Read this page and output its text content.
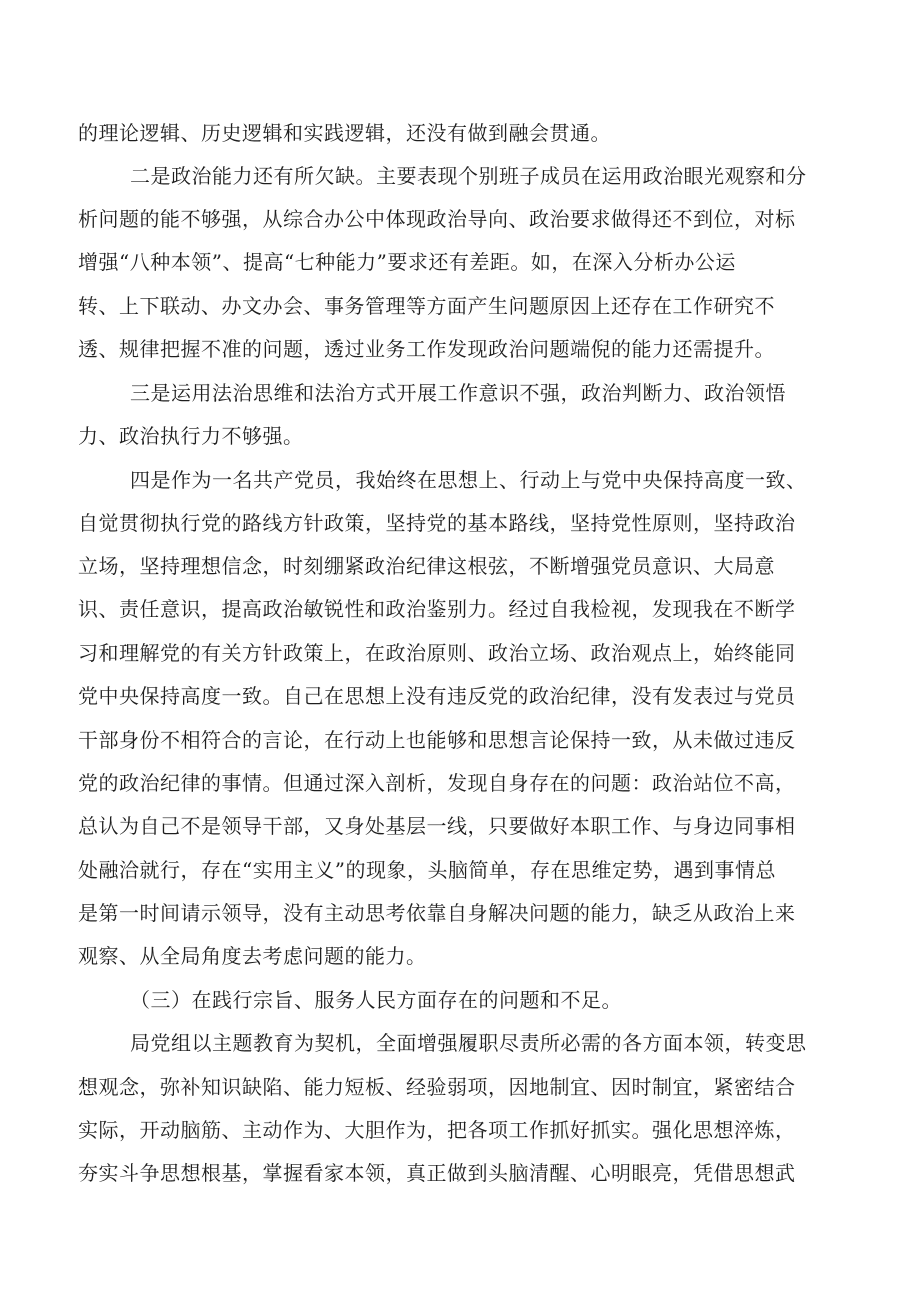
的理论逻辑、历史逻辑和实践逻辑，还没有做到融会贯通。
二是政治能力还有所欠缺。主要表现个别班子成员在运用政治眼光观察和分
析问题的能不够强，从综合办公中体现政治导向、政治要求做得还不到位，对标
增强“八种本领”、提高“七种能力”要求还有差距。如，在深入分析办公运
转、上下联动、办文办会、事务管理等方面产生问题原因上还存在工作研究不
透、规律把握不准的问题，透过业务工作发现政治问题端倪的能力还需提升。
三是运用法治思维和法治方式开展工作意识不强，政治判断力、政治领悟
力、政治执行力不够强。
四是作为一名共产党员，我始终在思想上、行动上与党中央保持高度一致、
自觉贯彻执行党的路线方针政策，坚持党的基本路线，坚持党性原则，坚持政治
立场，坚持理想信念，时刻绷紧政治纪律这根弦，不断增强党员意识、大局意
识、责任意识，提高政治敏锐性和政治鉴别力。经过自我检视，发现我在不断学
习和理解党的有关方针政策上，在政治原则、政治立场、政治观点上，始终能同
党中央保持高度一致。自己在思想上没有违反党的政治纪律，没有发表过与党员
干部身份不相符合的言论，在行动上也能够和思想言论保持一致，从未做过违反
党的政治纪律的事情。但通过深入剖析，发现自身存在的问题：政治站位不高，
总认为自己不是领导干部，又身处基层一线，只要做好本职工作、与身边同事相
处融洽就行，存在“实用主义”的现象，头脑简单，存在思维定势，遇到事情总
是第一时间请示领导，没有主动思考依靠自身解决问题的能力，缺乏从政治上来
观察、从全局角度去考虑问题的能力。
（三）在践行宗旨、服务人民方面存在的问题和不足。
局党组以主题教育为契机，全面增强履职尽责所必需的各方面本领，转变思
想观念，弥补知识缺陷、能力短板、经验弱项，因地制宜、因时制宜，紧密结合
实际，开动脑筋、主动作为、大胆作为，把各项工作抓好抓实。强化思想淬炼，
夯实斗争思想根基，掌握看家本领，真正做到头脑清醒、心明眼亮，凭借思想武
